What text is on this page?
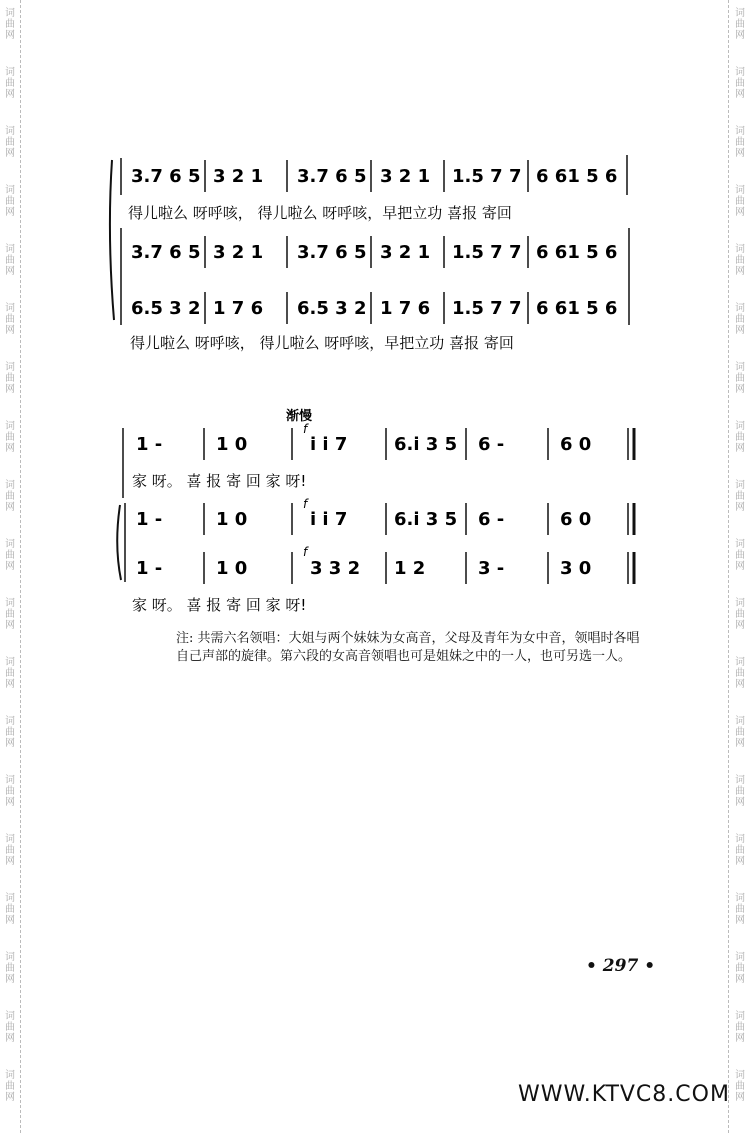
词曲网
词曲网
词曲网
词曲网
词曲网
词曲网
词曲网
词曲网
词曲网
词曲网
词曲网
词曲网
词曲网
词曲网
词曲网
词曲网
词曲网
词曲网
词曲网
词曲网
词曲网
词曲网
词曲网
词曲网
词曲网
词曲网
词曲网
词曲网
词曲网
词曲网
词曲网
词曲网
词曲网
词曲网
词曲网
词曲网
词曲网
词曲网
3.7 6 5 3 2 1 3.7 6 5 3 2 1 1.5 7 7 6 61 5 6
得儿啦么 呀呼咳， 得儿啦么 呀呼咳，早把立功 喜报 寄回
3.7 6 5 3 2 1 3.7 6 5 3 2 1 1.5 7 7 6 61 5 6
6.5 3 2 1 7 6 6.5 3 2 1 7 6 1.5 7 7 6 61 5 6
得儿啦么 呀呼咳， 得儿啦么 呀呼咳，早把立功 喜报 寄回
渐慢
f
f
f
1 -	1 0	i i 7	6.i 3 5 6 -	6 0
家 呀。 喜 报 寄 回 家 呀!
1 -	1 0	i i 7	6.i 3 5 6 -	6 0
1 -	1 0	3 3 2 1 2	3 -	3 0
家 呀。 喜 报 寄 回 家 呀!
注: 共需六名领唱：大姐与两个妹妹为女高音，父母及青年为女中音，领唱时各唱自己声部的旋律。第六段的女高音领唱也可是姐妹之中的一人，也可另选一人。
• 297 •
WWW.KTVC8.COM
